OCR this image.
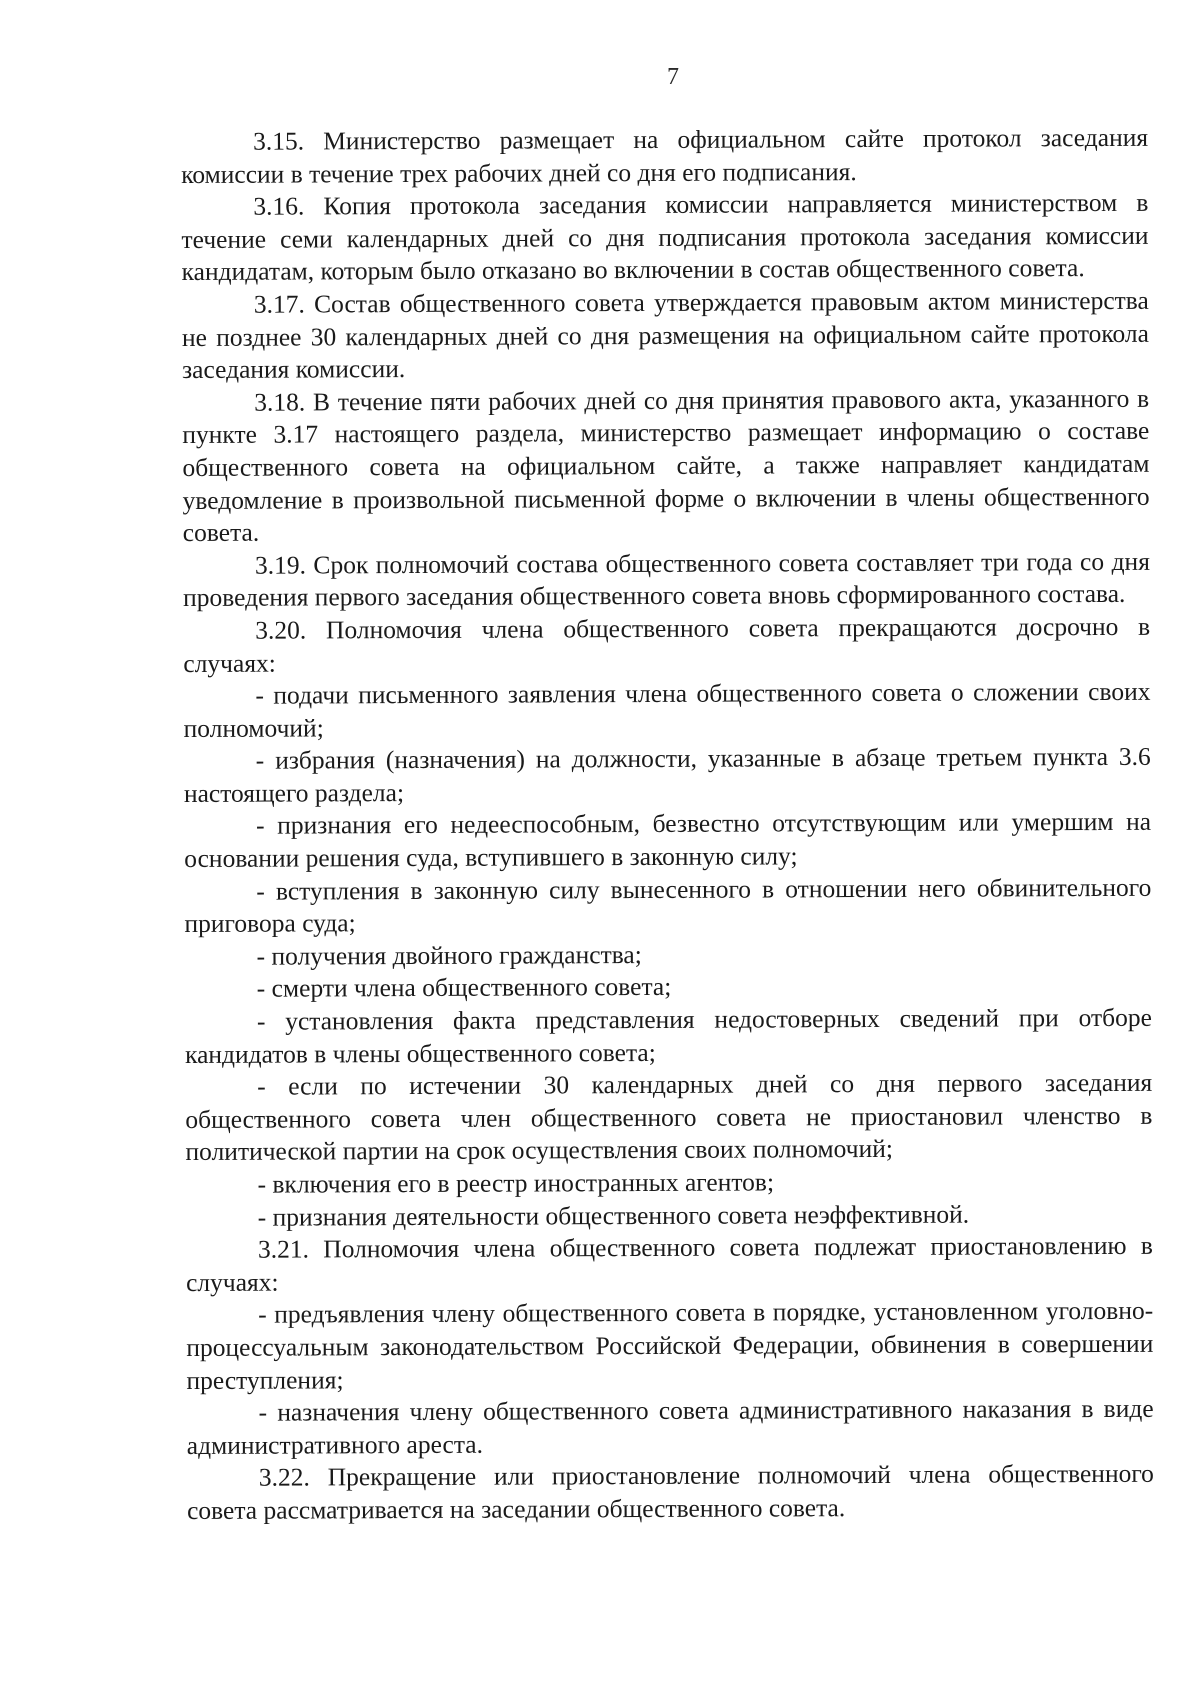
7

3.15. Министерство размещает на официальном сайте протокол заседания комиссии в течение трех рабочих дней со дня его подписания.

3.16. Копия протокола заседания комиссии направляется министерством в течение семи календарных дней со дня подписания протокола заседания комиссии кандидатам, которым было отказано во включении в состав общественного совета.

3.17. Состав общественного совета утверждается правовым актом министерства не позднее 30 календарных дней со дня размещения на официальном сайте протокола заседания комиссии.

3.18. В течение пяти рабочих дней со дня принятия правового акта, указанного в пункте 3.17 настоящего раздела, министерство размещает информацию о составе общественного совета на официальном сайте, а также направляет кандидатам уведомление в произвольной письменной форме о включении в члены общественного совета.

3.19. Срок полномочий состава общественного совета составляет три года со дня проведения первого заседания общественного совета вновь сформированного состава.

3.20. Полномочия члена общественного совета прекращаются досрочно в случаях:

- подачи письменного заявления члена общественного совета о сложении своих полномочий;

- избрания (назначения) на должности, указанные в абзаце третьем пункта 3.6 настоящего раздела;

- признания его недееспособным, безвестно отсутствующим или умершим на основании решения суда, вступившего в законную силу;

- вступления в законную силу вынесенного в отношении него обвинительного приговора суда;

- получения двойного гражданства;

- смерти члена общественного совета;

- установления факта представления недостоверных сведений при отборе кандидатов в члены общественного совета;

- если по истечении 30 календарных дней со дня первого заседания общественного совета член общественного совета не приостановил членство в политической партии на срок осуществления своих полномочий;

- включения его в реестр иностранных агентов;

- признания деятельности общественного совета неэффективной.

3.21. Полномочия члена общественного совета подлежат приостановлению в случаях:

- предъявления члену общественного совета в порядке, установленном уголовно-процессуальным законодательством Российской Федерации, обвинения в совершении преступления;

- назначения члену общественного совета административного наказания в виде административного ареста.

3.22. Прекращение или приостановление полномочий члена общественного совета рассматривается на заседании общественного совета.
